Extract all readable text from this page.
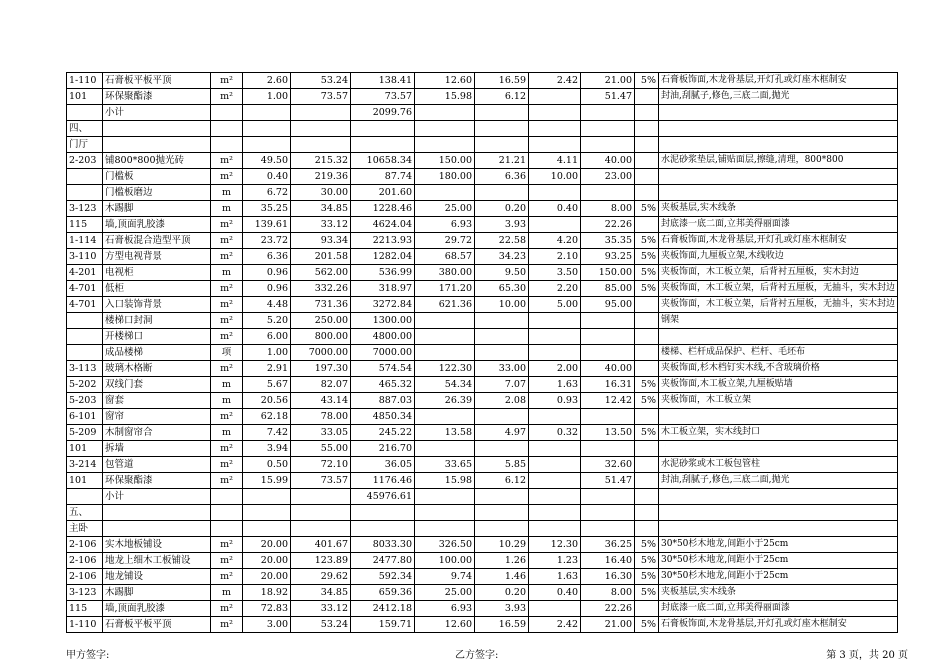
1-110	石膏板平板平顶	m²	2.60	53.24	138.41	12.60	16.59	2.42	21.00	5%	石膏板饰面,木龙骨基层,开灯孔或灯座木框制安
101	环保聚酯漆	m²	1.00	73.57	73.57	15.98	6.12		51.47		封油,刮腻子,修色,三底二面,抛光
	小计				2099.76						
四、											
门厅											
2-203	铺800*800抛光砖	m²	49.50	215.32	10658.34	150.00	21.21	4.11	40.00		水泥砂浆垫层,铺贴面层,擦缝,清理，800*800
	门槛板	m²	0.40	219.36	87.74	180.00	6.36	10.00	23.00		
	门槛板磨边	m	6.72	30.00	201.60						
3-123	木踢脚	m	35.25	34.85	1228.46	25.00	0.20	0.40	8.00	5%	夹板基层,实木线条
115	墙,顶面乳胶漆	m²	139.61	33.12	4624.04	6.93	3.93		22.26		封底漆一底二面,立邦美得丽面漆
1-114	石膏板混合造型平顶	m²	23.72	93.34	2213.93	29.72	22.58	4.20	35.35	5%	石膏板饰面,木龙骨基层,开灯孔或灯座木框制安
3-110	方型电视背景	m²	6.36	201.58	1282.04	68.57	34.23	2.10	93.25	5%	夹板饰面,九厘板立架,木线收边
4-201	电视柜	m	0.96	562.00	536.99	380.00	9.50	3.50	150.00	5%	夹板饰面，木工板立架，后背衬五厘板，实木封边
4-701	低柜	m²	0.96	332.26	318.97	171.20	65.30	2.20	85.00	5%	夹板饰面，木工板立架，后背衬五厘板，无抽斗，实木封边
4-701	入口装饰背景	m²	4.48	731.36	3272.84	621.36	10.00	5.00	95.00		夹板饰面，木工板立架，后背衬五厘板，无抽斗，实木封边
	楼梯口封洞	m²	5.20	250.00	1300.00						钢架
	开楼梯口	m²	6.00	800.00	4800.00						
	成品楼梯	项	1.00	7000.00	7000.00						楼梯、栏杆成品保护、栏杆、毛坯布
3-113	玻璃木格断	m²	2.91	197.30	574.54	122.30	33.00	2.00	40.00		夹板饰面,杉木档钉实木线,不含玻璃价格
5-202	双线门套	m	5.67	82.07	465.32	54.34	7.07	1.63	16.31	5%	夹板饰面,木工板立架,九厘板贴墙
5-203	窗套	m	20.56	43.14	887.03	26.39	2.08	0.93	12.42	5%	夹板饰面，木工板立架
6-101	窗帘	m²	62.18	78.00	4850.34						
5-209	木制窗帘合	m	7.42	33.05	245.22	13.58	4.97	0.32	13.50	5%	木工板立架，实木线封口
101	拆墙	m²	3.94	55.00	216.70						
3-214	包管道	m²	0.50	72.10	36.05	33.65	5.85		32.60		水泥砂浆或木工板包管柱
101	环保聚酯漆	m²	15.99	73.57	1176.46	15.98	6.12		51.47		封油,刮腻子,修色,三底二面,抛光
	小计				45976.61						
五、											
主卧											
2-106	实木地板铺设	m²	20.00	401.67	8033.30	326.50	10.29	12.30	36.25	5%	30*50杉木地龙,间距小于25cm
2-106	地龙上细木工板铺设	m²	20.00	123.89	2477.80	100.00	1.26	1.23	16.40	5%	30*50杉木地龙,间距小于25cm
2-106	地龙铺设	m²	20.00	29.62	592.34	9.74	1.46	1.63	16.30	5%	30*50杉木地龙,间距小于25cm
3-123	木踢脚	m	18.92	34.85	659.36	25.00	0.20	0.40	8.00	5%	夹板基层,实木线条
115	墙,顶面乳胶漆	m²	72.83	33.12	2412.18	6.93	3.93		22.26		封底漆一底二面,立邦美得丽面漆
1-110	石膏板平板平顶	m²	3.00	53.24	159.71	12.60	16.59	2.42	21.00	5%	石膏板饰面,木龙骨基层,开灯孔或灯座木框制安
甲方签字:	乙方签字:	第 3 页，共 20 页
